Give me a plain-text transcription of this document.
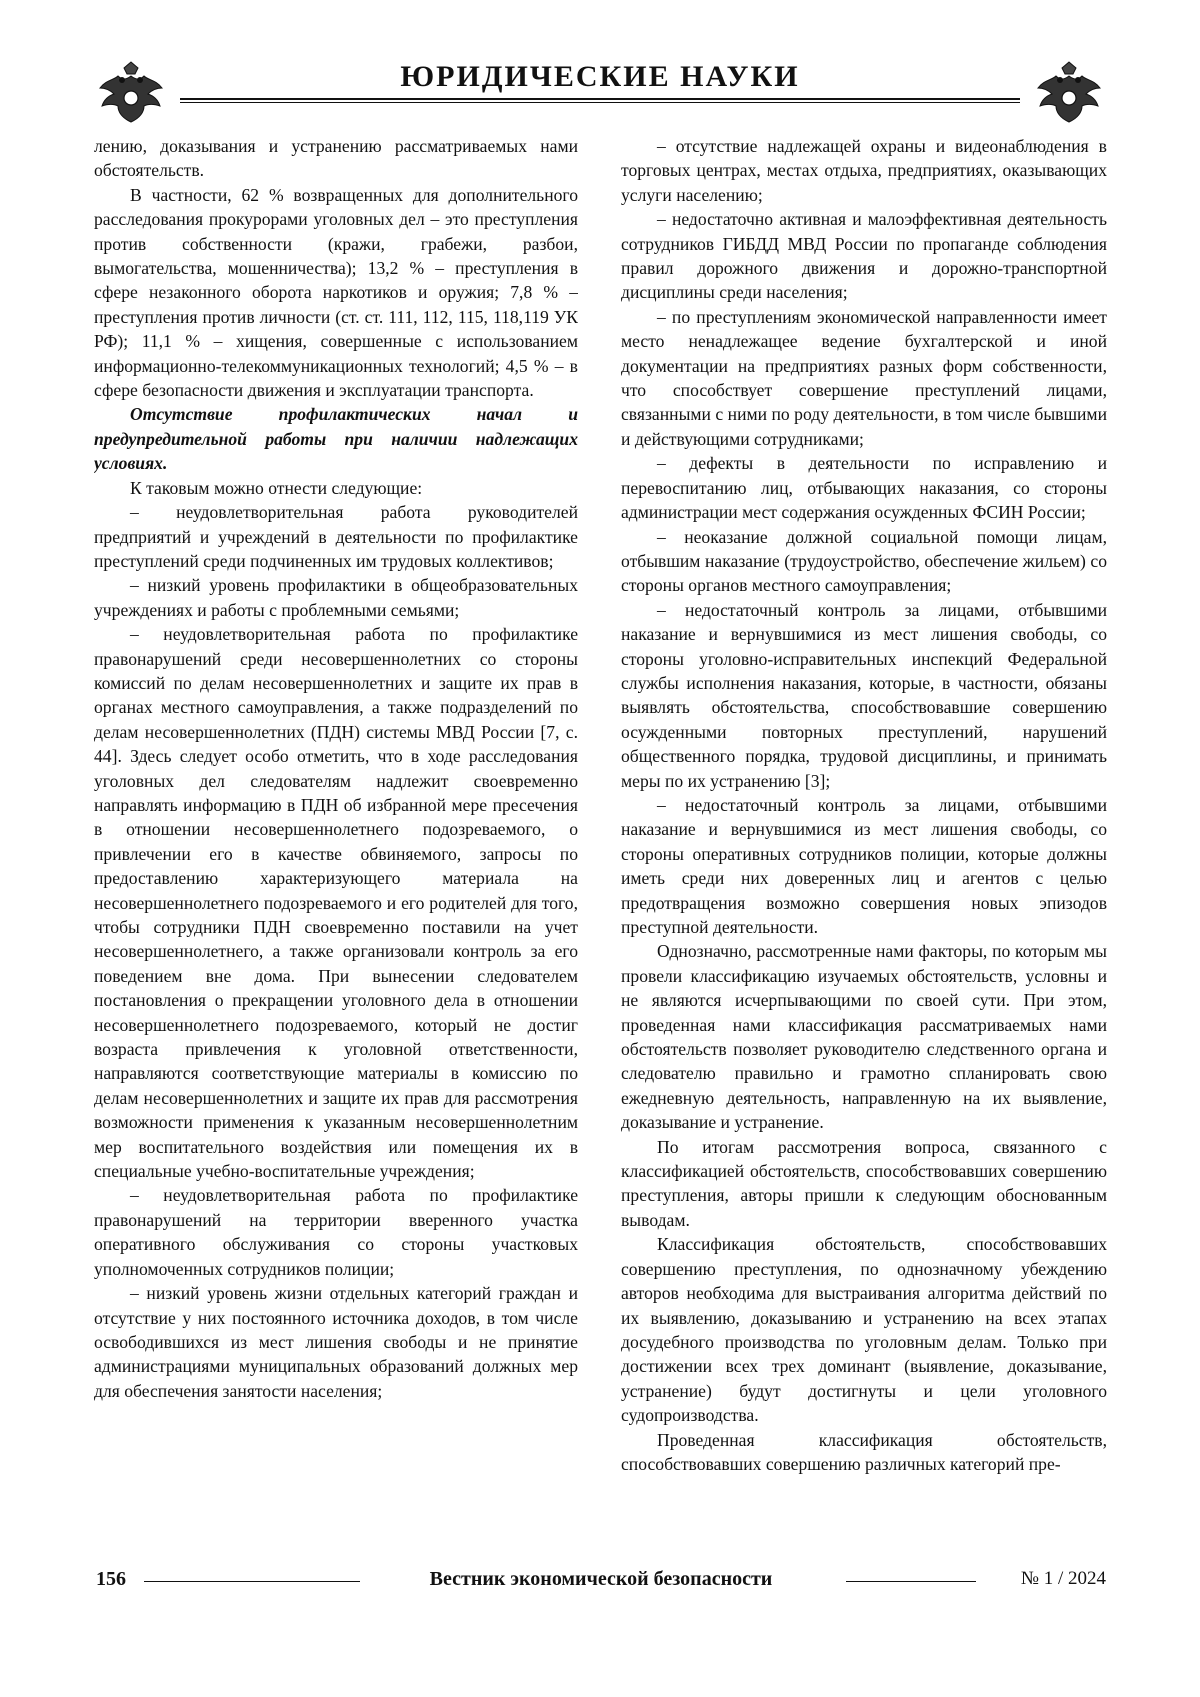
ЮРИДИЧЕСКИЕ НАУКИ

лению, доказывания и устранению рассматриваемых нами обстоятельств.

В частности, 62 % возвращенных для дополнительного расследования прокурорами уголовных дел – это преступления против собственности (кражи, грабежи, разбои, вымогательства, мошенничества); 13,2 % – преступления в сфере незаконного оборота наркотиков и оружия; 7,8 % – преступления против личности (ст. ст. 111, 112, 115, 118,119 УК РФ); 11,1 % – хищения, совершенные с использованием информационно-телекоммуникационных технологий; 4,5 % – в сфере безопасности движения и эксплуатации транспорта.

Отсутствие профилактических начал и предупредительной работы при наличии надлежащих условиях.

К таковым можно отнести следующие:

– неудовлетворительная работа руководителей предприятий и учреждений в деятельности по профилактике преступлений среди подчиненных им трудовых коллективов;

– низкий уровень профилактики в общеобразовательных учреждениях и работы с проблемными семьями;

– неудовлетворительная работа по профилактике правонарушений среди несовершеннолетних со стороны комиссий по делам несовершеннолетних и защите их прав в органах местного самоуправления, а также подразделений по делам несовершеннолетних (ПДН) системы МВД России [7, с. 44]. Здесь следует особо отметить, что в ходе расследования уголовных дел следователям надлежит своевременно направлять информацию в ПДН об избранной мере пресечения в отношении несовершеннолетнего подозреваемого, о привлечении его в качестве обвиняемого, запросы по предоставлению характеризующего материала на несовершеннолетнего подозреваемого и его родителей для того, чтобы сотрудники ПДН своевременно поставили на учет несовершеннолетнего, а также организовали контроль за его поведением вне дома. При вынесении следователем постановления о прекращении уголовного дела в отношении несовершеннолетнего подозреваемого, который не достиг возраста привлечения к уголовной ответственности, направляются соответствующие материалы в комиссию по делам несовершеннолетних и защите их прав для рассмотрения возможности применения к указанным несовершеннолетним мер воспитательного воздействия или помещения их в специальные учебно-воспитательные учреждения;

– неудовлетворительная работа по профилактике правонарушений на территории вверенного участка оперативного обслуживания со стороны участковых уполномоченных сотрудников полиции;

– низкий уровень жизни отдельных категорий граждан и отсутствие у них постоянного источника доходов, в том числе освободившихся из мест лишения свободы и не принятие администрациями муниципальных образований должных мер для обеспечения занятости населения;

– отсутствие надлежащей охраны и видеонаблюдения в торговых центрах, местах отдыха, предприятиях, оказывающих услуги населению;

– недостаточно активная и малоэффективная деятельность сотрудников ГИБДД МВД России по пропаганде соблюдения правил дорожного движения и дорожно-транспортной дисциплины среди населения;

– по преступлениям экономической направленности имеет место ненадлежащее ведение бухгалтерской и иной документации на предприятиях разных форм собственности, что способствует совершение преступлений лицами, связанными с ними по роду деятельности, в том числе бывшими и действующими сотрудниками;

– дефекты в деятельности по исправлению и перевоспитанию лиц, отбывающих наказания, со стороны администрации мест содержания осужденных ФСИН России;

– неоказание должной социальной помощи лицам, отбывшим наказание (трудоустройство, обеспечение жильем) со стороны органов местного самоуправления;

– недостаточный контроль за лицами, отбывшими наказание и вернувшимися из мест лишения свободы, со стороны уголовно-исправительных инспекций Федеральной службы исполнения наказания, которые, в частности, обязаны выявлять обстоятельства, способствовавшие совершению осужденными повторных преступлений, нарушений общественного порядка, трудовой дисциплины, и принимать меры по их устранению [3];

– недостаточный контроль за лицами, отбывшими наказание и вернувшимися из мест лишения свободы, со стороны оперативных сотрудников полиции, которые должны иметь среди них доверенных лиц и агентов с целью предотвращения возможно совершения новых эпизодов преступной деятельности.

Однозначно, рассмотренные нами факторы, по которым мы провели классификацию изучаемых обстоятельств, условны и не являются исчерпывающими по своей сути. При этом, проведенная нами классификация рассматриваемых нами обстоятельств позволяет руководителю следственного органа и следователю правильно и грамотно спланировать свою ежедневную деятельность, направленную на их выявление, доказывание и устранение.

По итогам рассмотрения вопроса, связанного с классификацией обстоятельств, способствовавших совершению преступления, авторы пришли к следующим обоснованным выводам.

Классификация обстоятельств, способствовавших совершению преступления, по однозначному убеждению авторов необходима для выстраивания алгоритма действий по их выявлению, доказыванию и устранению на всех этапах досудебного производства по уголовным делам. Только при достижении всех трех доминант (выявление, доказывание, устранение) будут достигнуты и цели уголовного судопроизводства.

Проведенная классификация обстоятельств, способствовавших совершению различных категорий пре-

156	Вестник экономической безопасности	№ 1 / 2024
